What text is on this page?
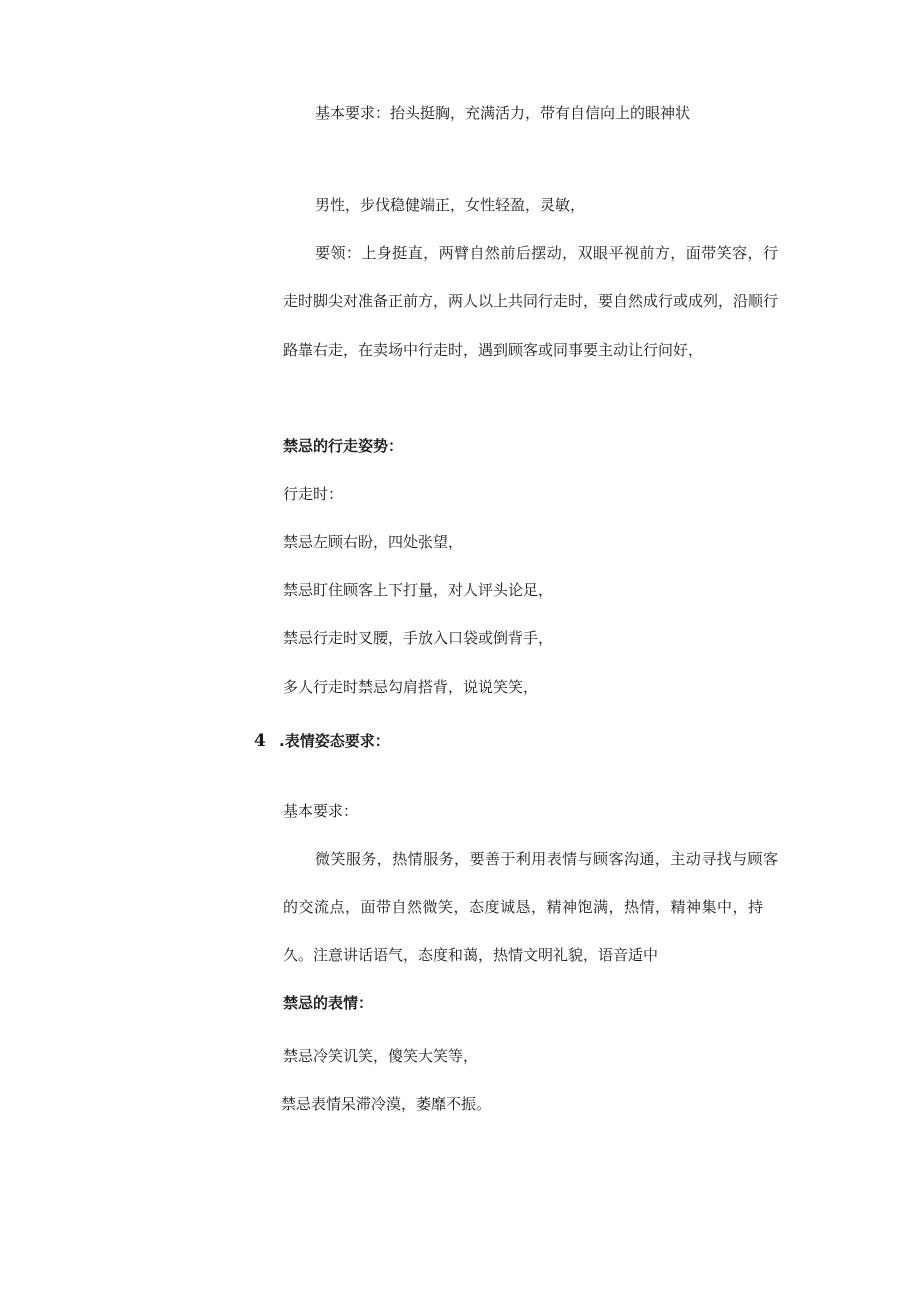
基本要求：抬头挺胸，充满活力，带有自信向上的眼神状
男性，步伐稳健端正，女性轻盈，灵敏，
要领：上身挺直，两臂自然前后摆动，双眼平视前方，面带笑容，行
走时脚尖对准备正前方，两人以上共同行走时，要自然成行或成列，沿顺行
路靠右走，在卖场中行走时，遇到顾客或同事要主动让行问好，
禁忌的行走姿势：
行走时：
禁忌左顾右盼，四处张望，
禁忌盯住顾客上下打量，对人评头论足，
禁忌行走时叉腰，手放入口袋或倒背手，
多人行走时禁忌勾肩搭背，说说笑笑，
4 .表情姿态要求：
基本要求：
微笑服务，热情服务，要善于利用表情与顾客沟通，主动寻找与顾客
的交流点，面带自然微笑，态度诚恳，精神饱满，热情，精神集中，持
久。注意讲话语气，态度和蔼，热情文明礼貌，语音适中
禁忌的表情：
禁忌冷笑讥笑，傻笑大笑等，
禁忌表情呆滞冷漠，萎靡不振。
